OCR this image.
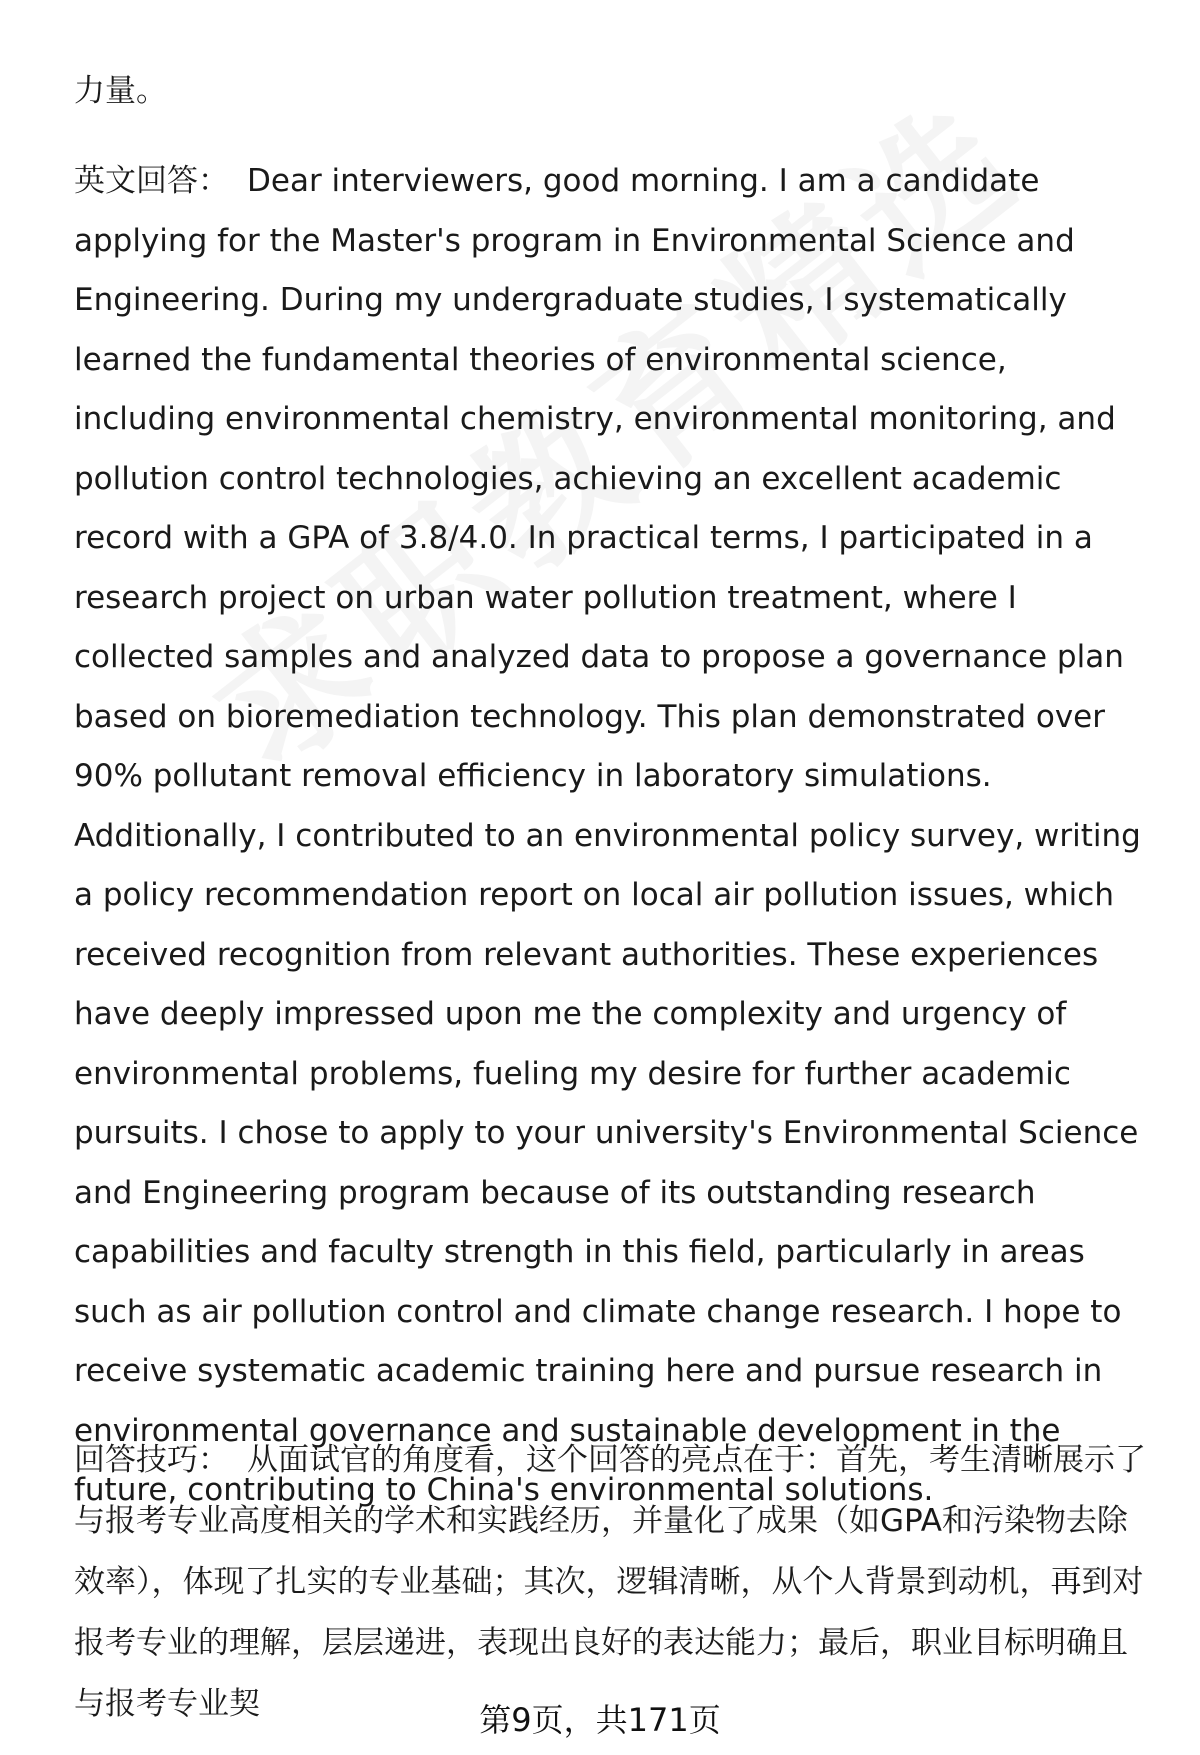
力量。
英文回答： Dear interviewers, good morning. I am a candidate applying for the Master's program in Environmental Science and Engineering. During my undergraduate studies, I systematically learned the fundamental theories of environmental science, including environmental chemistry, environmental monitoring, and pollution control technologies, achieving an excellent academic record with a GPA of 3.8/4.0. In practical terms, I participated in a research project on urban water pollution treatment, where I collected samples and analyzed data to propose a governance plan based on bioremediation technology. This plan demonstrated over 90% pollutant removal efficiency in laboratory simulations. Additionally, I contributed to an environmental policy survey, writing a policy recommendation report on local air pollution issues, which received recognition from relevant authorities. These experiences have deeply impressed upon me the complexity and urgency of environmental problems, fueling my desire for further academic pursuits. I chose to apply to your university's Environmental Science and Engineering program because of its outstanding research capabilities and faculty strength in this field, particularly in areas such as air pollution control and climate change research. I hope to receive systematic academic training here and pursue research in environmental governance and sustainable development in the future, contributing to China's environmental solutions.
回答技巧： 从面试官的角度看，这个回答的亮点在于：首先，考生清晰展示了与报考专业高度相关的学术和实践经历，并量化了成果（如GPA和污染物去除效率），体现了扎实的专业基础；其次，逻辑清晰，从个人背景到动机，再到对报考专业的理解，层层递进，表现出良好的表达能力；最后，职业目标明确且与报考专业契	第9页，共171页
